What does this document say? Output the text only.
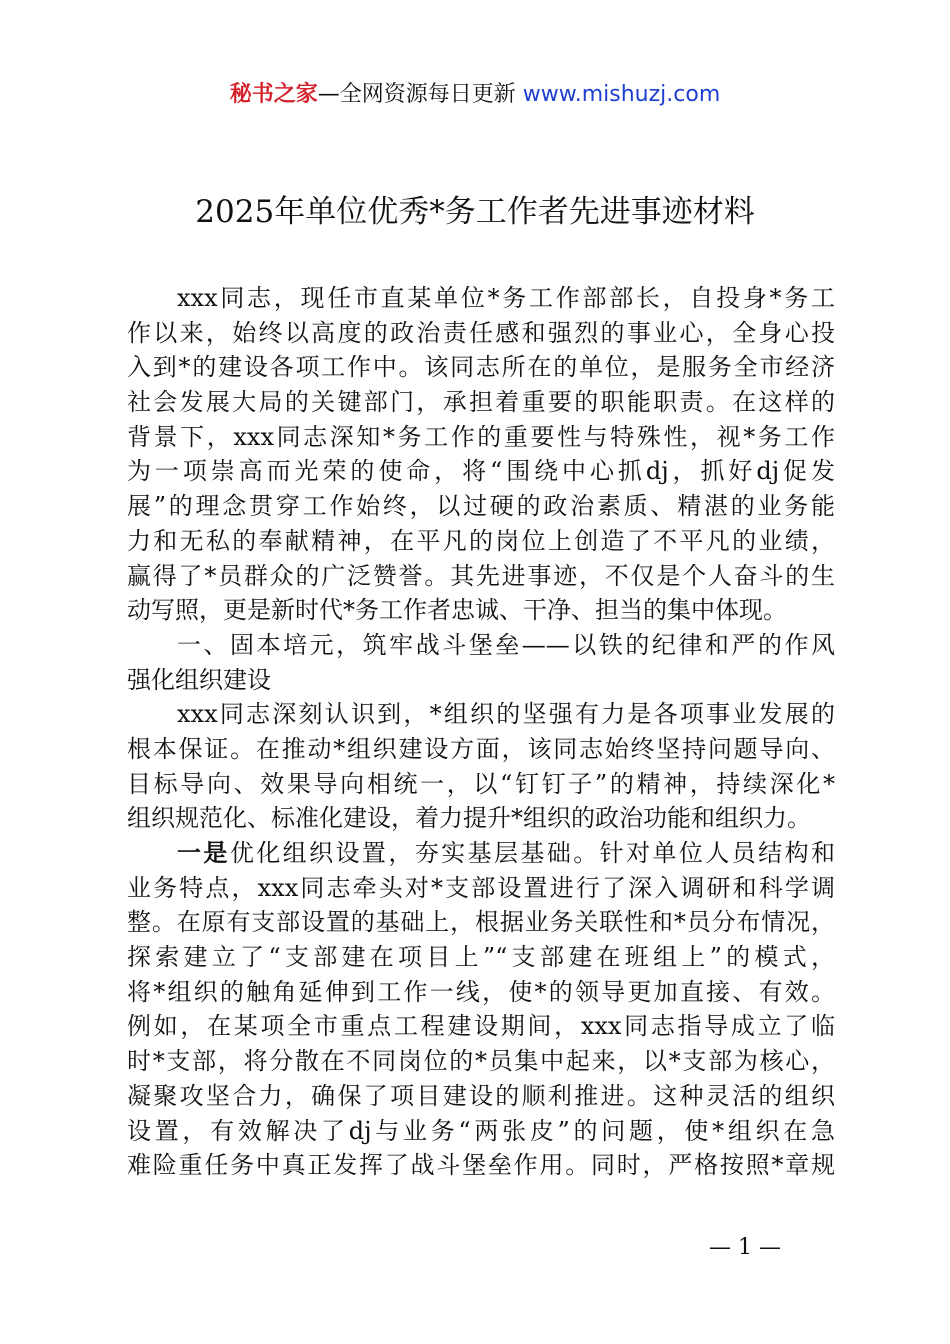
秘书之家—全网资源每日更新 www.mishuzj.com
2025年单位优秀*务工作者先进事迹材料
xxx同志，现任市直某单位*务工作部部长，自投身*务工
作以来，始终以高度的政治责任感和强烈的事业心，全身心投
入到*的建设各项工作中。该同志所在的单位，是服务全市经济
社会发展大局的关键部门，承担着重要的职能职责。在这样的
背景下，xxx同志深知*务工作的重要性与特殊性，视*务工作
为一项崇高而光荣的使命，将“围绕中心抓dj，抓好dj促发
展”的理念贯穿工作始终，以过硬的政治素质、精湛的业务能
力和无私的奉献精神，在平凡的岗位上创造了不平凡的业绩，
赢得了*员群众的广泛赞誉。其先进事迹，不仅是个人奋斗的生
动写照，更是新时代*务工作者忠诚、干净、担当的集中体现。
一、固本培元，筑牢战斗堡垒——以铁的纪律和严的作风
强化组织建设
xxx同志深刻认识到，*组织的坚强有力是各项事业发展的
根本保证。在推动*组织建设方面，该同志始终坚持问题导向、
目标导向、效果导向相统一，以“钉钉子”的精神，持续深化*
组织规范化、标准化建设，着力提升*组织的政治功能和组织力。
一是优化组织设置，夯实基层基础。针对单位人员结构和
业务特点，xxx同志牵头对*支部设置进行了深入调研和科学调
整。在原有支部设置的基础上，根据业务关联性和*员分布情况，
探索建立了“支部建在项目上”“支部建在班组上”的模式，
将*组织的触角延伸到工作一线，使*的领导更加直接、有效。
例如，在某项全市重点工程建设期间，xxx同志指导成立了临
时*支部，将分散在不同岗位的*员集中起来，以*支部为核心，
凝聚攻坚合力，确保了项目建设的顺利推进。这种灵活的组织
设置，有效解决了dj与业务“两张皮”的问题，使*组织在急
难险重任务中真正发挥了战斗堡垒作用。同时，严格按照*章规
— 1 —
